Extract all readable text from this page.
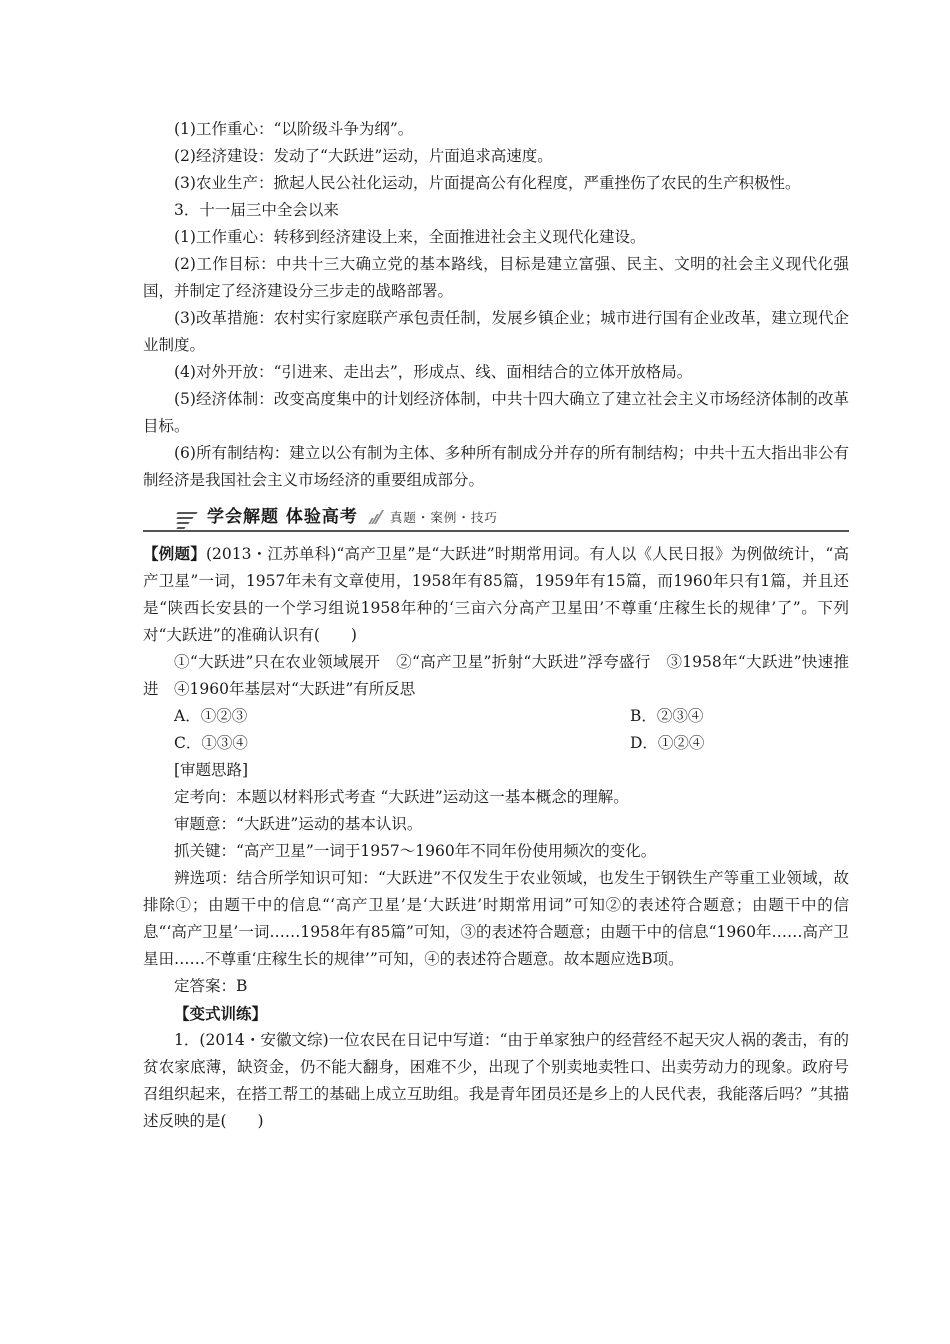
(1)工作重心：“以阶级斗争为纲”。

(2)经济建设：发动了“大跃进”运动，片面追求高速度。

(3)农业生产：掀起人民公社化运动，片面提高公有化程度，严重挫伤了农民的生产积极性。

3．十一届三中全会以来

(1)工作重心：转移到经济建设上来，全面推进社会主义现代化建设。

(2)工作目标：中共十三大确立党的基本路线，目标是建立富强、民主、文明的社会主义现代化强国，并制定了经济建设分三步走的战略部署。

(3)改革措施：农村实行家庭联产承包责任制，发展乡镇企业；城市进行国有企业改革，建立现代企业制度。

(4)对外开放：“引进来、走出去”，形成点、线、面相结合的立体开放格局。

(5)经济体制：改变高度集中的计划经济体制，中共十四大确立了建立社会主义市场经济体制的改革目标。

(6)所有制结构：建立以公有制为主体、多种所有制成分并存的所有制结构；中共十五大指出非公有制经济是我国社会主义市场经济的重要组成部分。

学会解题 体验高考	真题・案例・技巧

【例题】(2013・江苏单科)“高产卫星”是“大跃进”时期常用词。有人以《人民日报》为例做统计，“高产卫星”一词，1957年未有文章使用，1958年有85篇，1959年有15篇，而1960年只有1篇，并且还是“陕西长安县的一个学习组说1958年种的‘三亩六分高产卫星田’不尊重‘庄稼生长的规律’了”。下列对“大跃进”的准确认识有(　　)

①“大跃进”只在农业领域展开　②“高产卫星”折射“大跃进”浮夸盛行　③1958年“大跃进”快速推进　④1960年基层对“大跃进”有所反思

A．①②③	B．②③④
C．①③④	D．①②④

[审题思路]

定考向：本题以材料形式考查 “大跃进”运动这一基本概念的理解。

审题意：“大跃进”运动的基本认识。

抓关键：“高产卫星”一词于1957～1960年不同年份使用频次的变化。

辨选项：结合所学知识可知：“大跃进”不仅发生于农业领域，也发生于钢铁生产等重工业领域，故排除①；由题干中的信息“‘高产卫星’是‘大跃进’时期常用词”可知②的表述符合题意；由题干中的信息“‘高产卫星’一词……1958年有85篇”可知，③的表述符合题意；由题干中的信息“1960年……高产卫星田……不尊重‘庄稼生长的规律’”可知，④的表述符合题意。故本题应选B项。

定答案：B

【变式训练】

1．(2014・安徽文综)一位农民在日记中写道：“由于单家独户的经营经不起天灾人祸的袭击，有的贫农家底薄，缺资金，仍不能大翻身，困难不少，出现了个别卖地卖牲口、出卖劳动力的现象。政府号召组织起来，在搭工帮工的基础上成立互助组。我是青年团员还是乡上的人民代表，我能落后吗？”其描述反映的是(　　)
